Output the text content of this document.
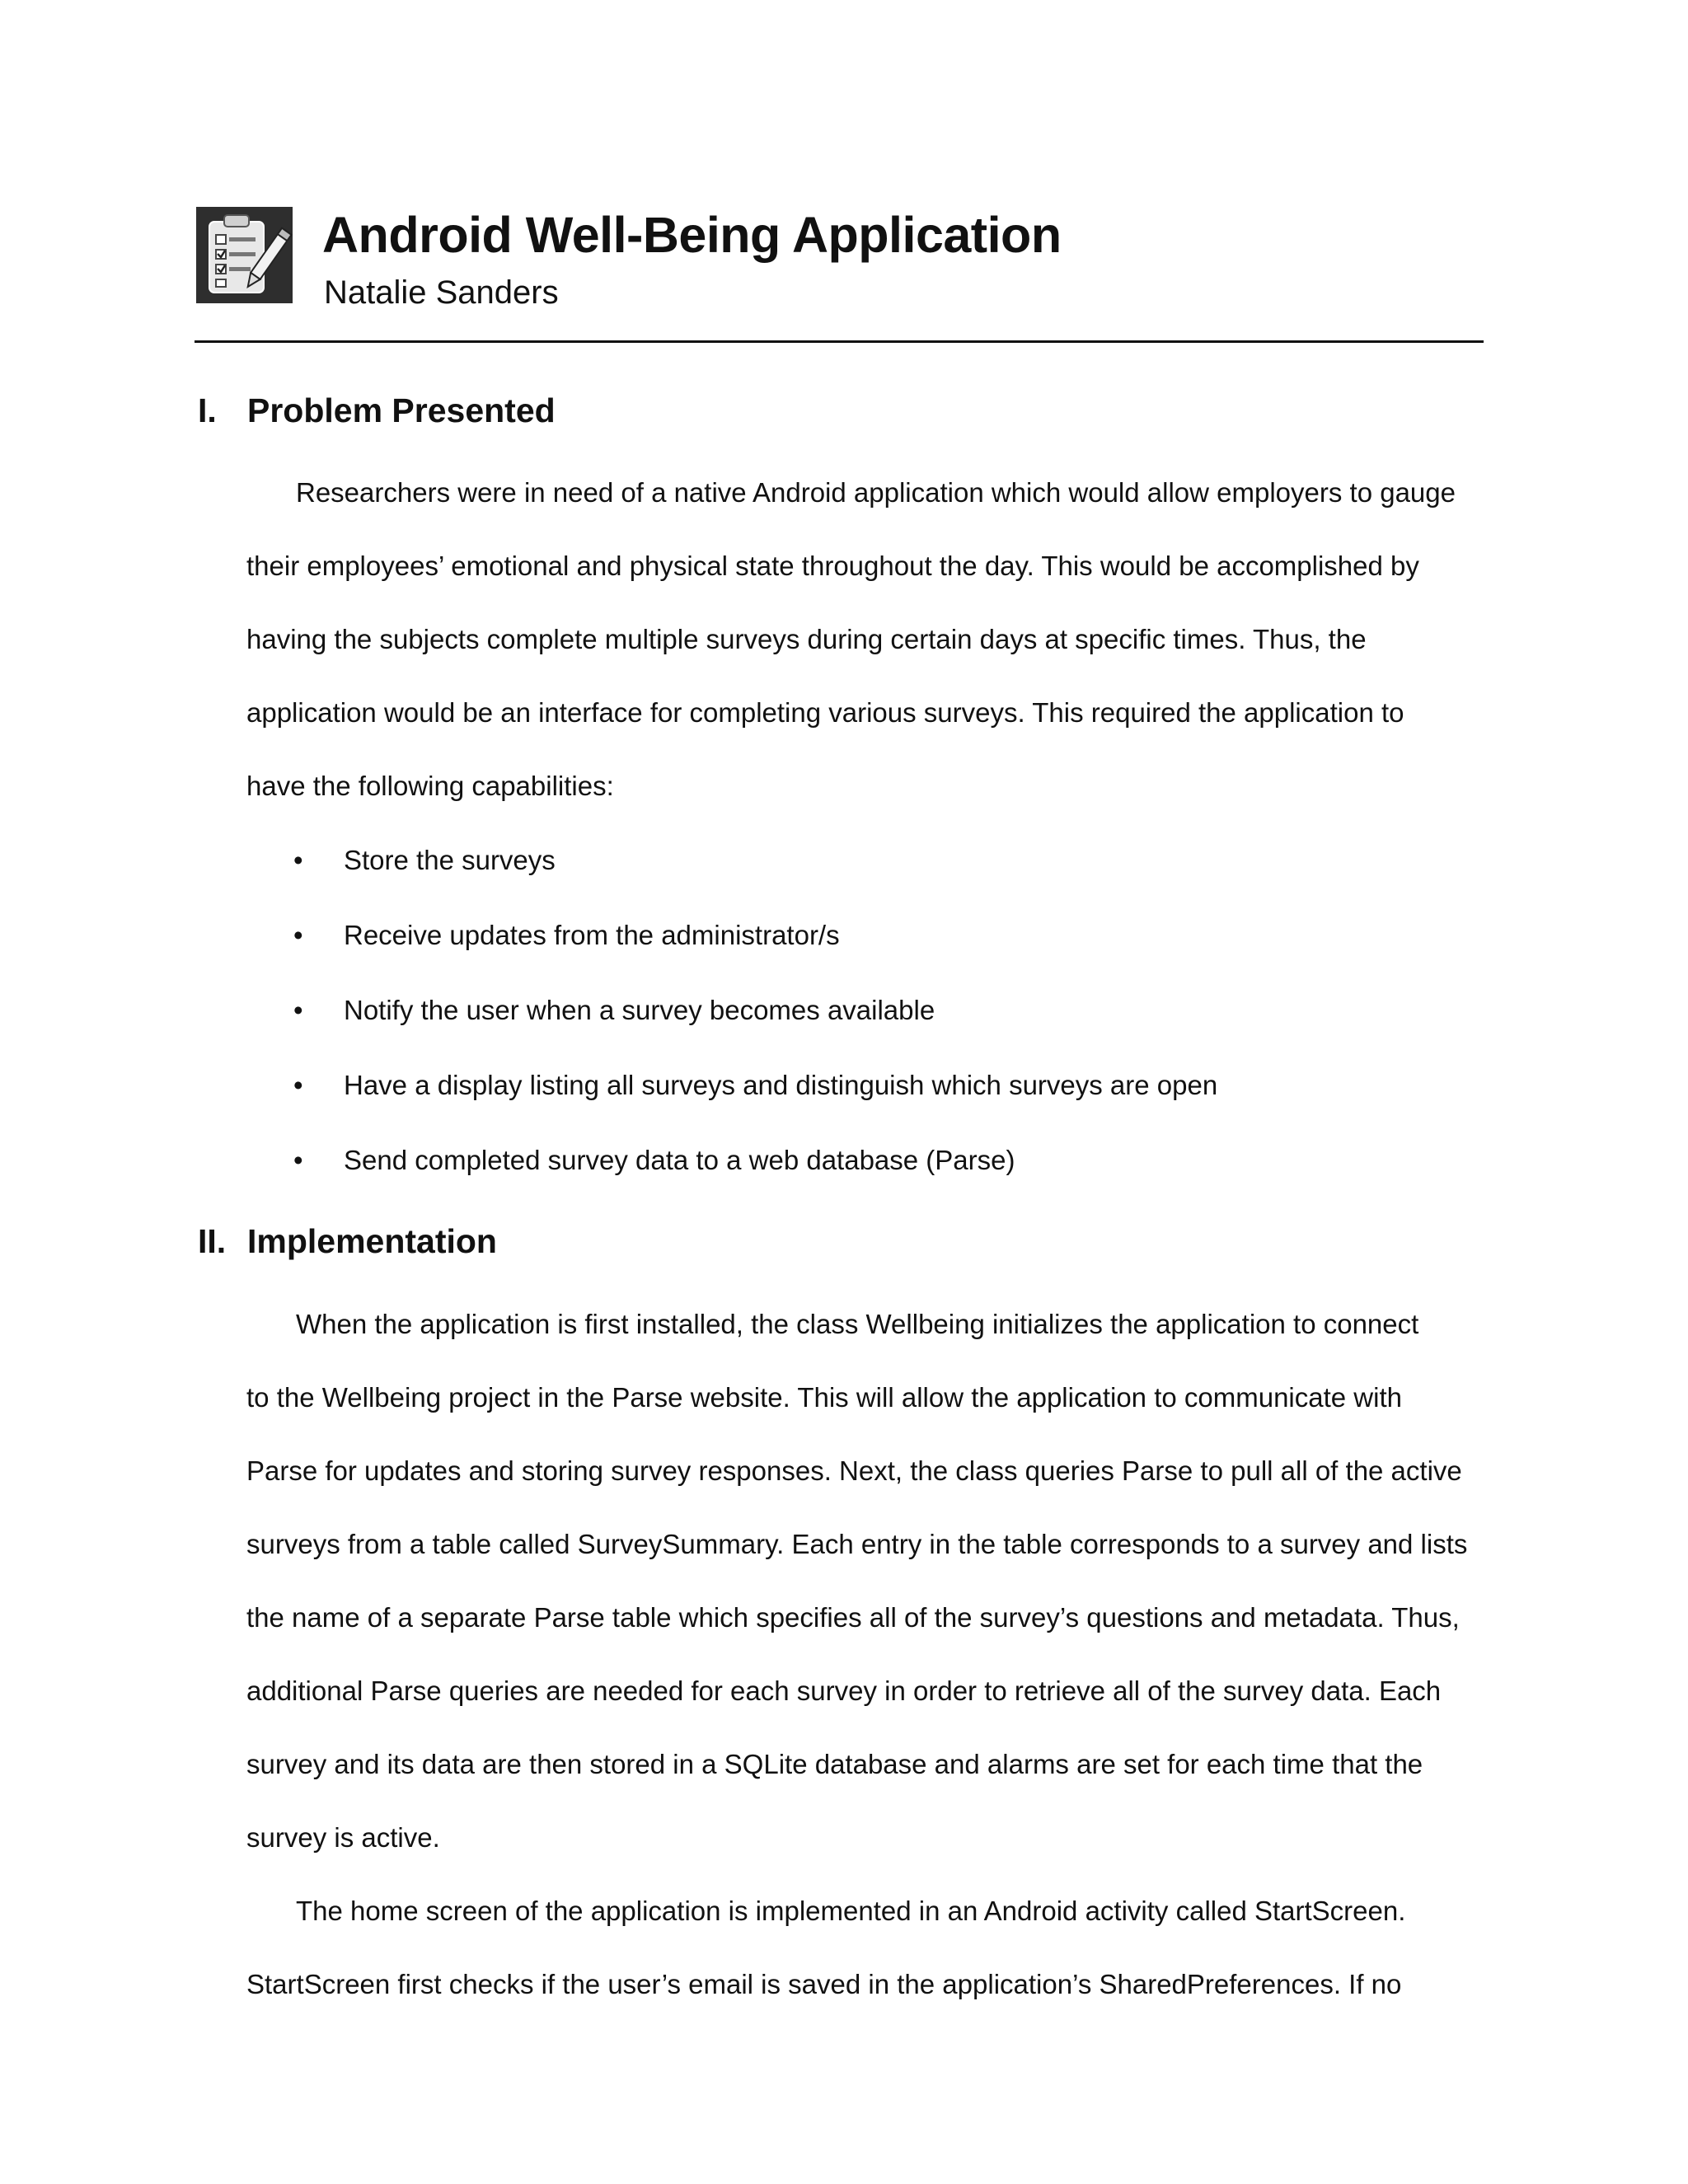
Android Well-Being Application
Natalie Sanders
I. Problem Presented
Researchers were in need of a native Android application which would allow employers to gauge
their employees’ emotional and physical state throughout the day. This would be accomplished by
having the subjects complete multiple surveys during certain days at specific times. Thus, the
application would be an interface for completing various surveys. This required the application to
have the following capabilities:
• Store the surveys
• Receive updates from the administrator/s
• Notify the user when a survey becomes available
• Have a display listing all surveys and distinguish which surveys are open
• Send completed survey data to a web database (Parse)
II. Implementation
When the application is first installed, the class Wellbeing initializes the application to connect
to the Wellbeing project in the Parse website. This will allow the application to communicate with
Parse for updates and storing survey responses. Next, the class queries Parse to pull all of the active
surveys from a table called SurveySummary. Each entry in the table corresponds to a survey and lists
the name of a separate Parse table which specifies all of the survey’s questions and metadata. Thus,
additional Parse queries are needed for each survey in order to retrieve all of the survey data. Each
survey and its data are then stored in a SQLite database and alarms are set for each time that the
survey is active.
The home screen of the application is implemented in an Android activity called StartScreen.
StartScreen first checks if the user’s email is saved in the application’s SharedPreferences. If no
